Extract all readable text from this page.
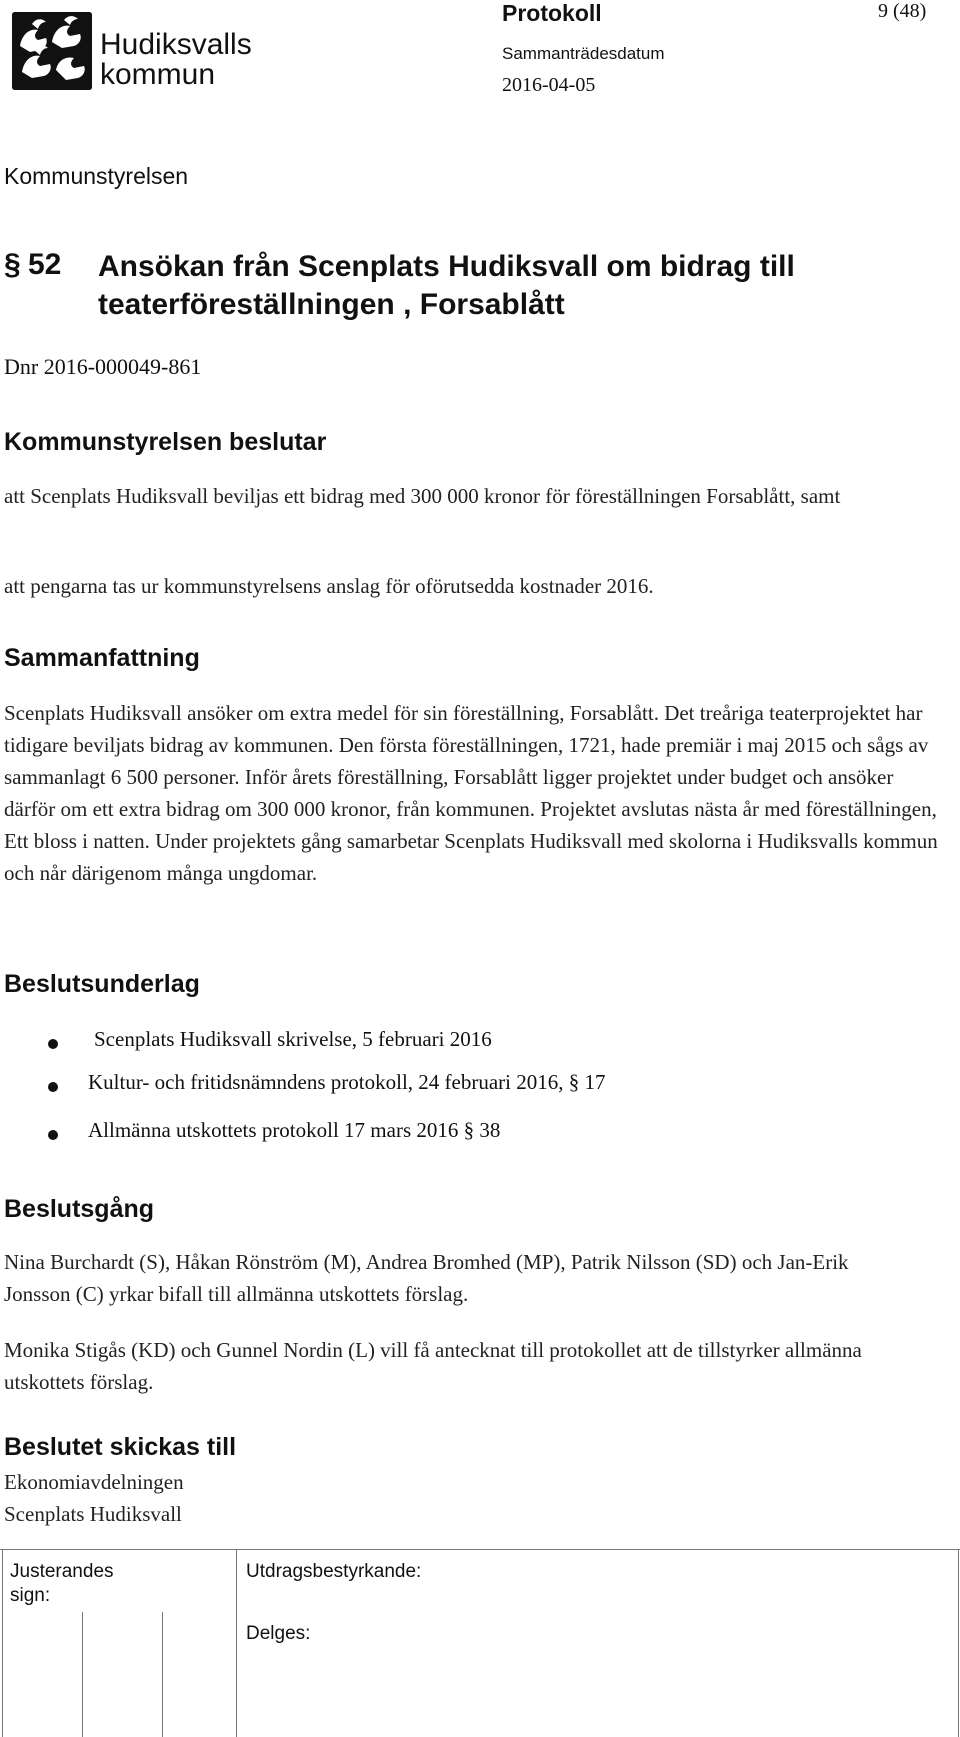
Hudiksvalls
kommun
Protokoll	9 (48)
Sammanträdesdatum
2016-04-05
Kommunstyrelsen
§ 52 Ansökan från Scenplats Hudiksvall om bidrag till teaterföreställningen , Forsablått
Dnr 2016-000049-861
Kommunstyrelsen beslutar
att Scenplats Hudiksvall beviljas ett bidrag med 300 000 kronor för föreställningen Forsablått, samt
att pengarna tas ur kommunstyrelsens anslag för oförutsedda kostnader 2016.
Sammanfattning
Scenplats Hudiksvall ansöker om extra medel för sin föreställning, Forsablått. Det treåriga teaterprojektet har tidigare beviljats bidrag av kommunen. Den första föreställningen, 1721, hade premiär i maj 2015 och sågs av sammanlagt 6 500 personer. Inför årets föreställning, Forsablått ligger projektet under budget och ansöker därför om ett extra bidrag om 300 000 kronor, från kommunen. Projektet avslutas nästa år med föreställningen, Ett bloss i natten. Under projektets gång samarbetar Scenplats Hudiksvall med skolorna i Hudiksvalls kommun och når därigenom många ungdomar.
Beslutsunderlag
Scenplats Hudiksvall skrivelse, 5 februari 2016
Kultur- och fritidsnämndens protokoll, 24 februari 2016, § 17
Allmänna utskottets protokoll 17 mars 2016 § 38
Beslutsgång
Nina Burchardt (S), Håkan Rönström (M), Andrea Bromhed (MP), Patrik Nilsson (SD) och Jan-Erik Jonsson (C) yrkar bifall till allmänna utskottets förslag.
Monika Stigås (KD) och Gunnel Nordin (L) vill få antecknat till protokollet att de tillstyrker allmänna utskottets förslag.
Beslutet skickas till
Ekonomiavdelningen
Scenplats Hudiksvall
Justerandes
sign:
Utdragsbestyrkande:
Delges:
